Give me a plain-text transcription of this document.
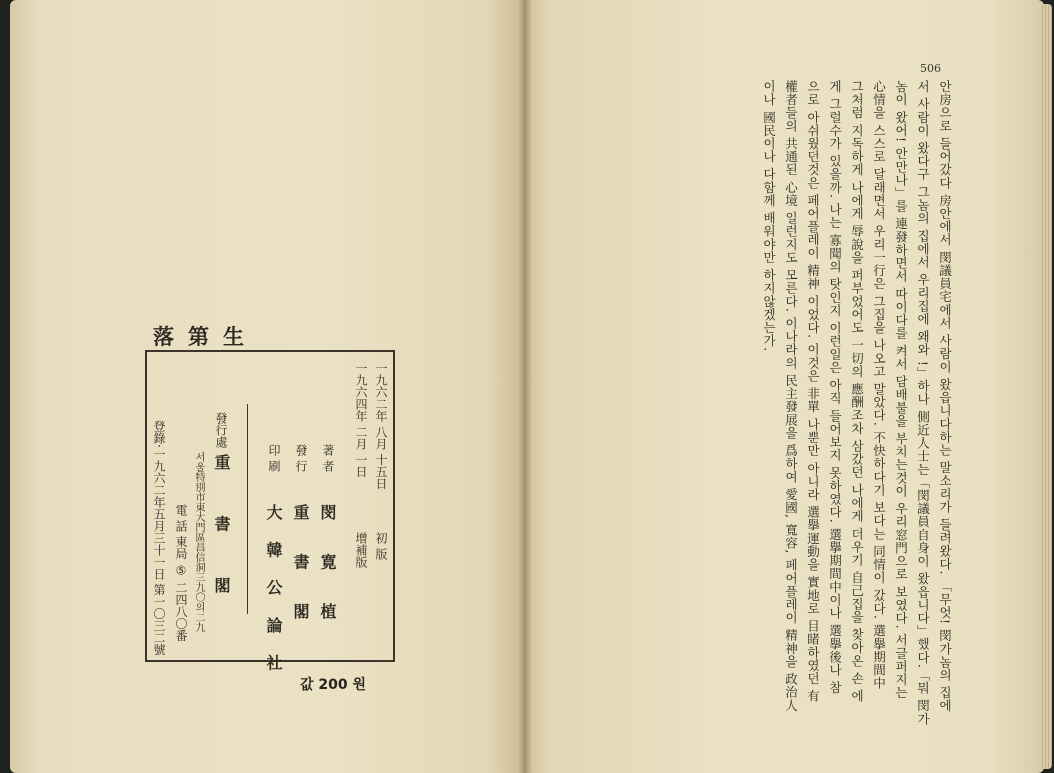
落第生
一九六二年 八月 十五日
初 版
一九六四年 二月 一日
增補版
著 者
閔 寛 植
發 行
重 書 閣
印 刷
大 韓 公 論 社
發行處
重 書 閣
서울特別市東大門區昌信洞三九〇의二九
電 話 東局 ⑤ 二四八〇番
登錄·一九六二年五月三十一日 第一〇三二號

값 200 원

506

안房으로 들어갔다 房안에서 閔議員宅에서 사람이 왔읍니다하는 말소리가 들려왔다. 「무엇! 閔가놈의 집에
서 사람이 왔다구 그놈의 집에서 우리집에 왜와 !」하나 側近人士는「閔議員自身이 왔읍니다」했다.「뭐 閔가
놈이 왔어! 안만나」를 連發하면서 따이다를 켜서 담배불을 부치는것이 우리窓門으로 보였다. 서글퍼지는
心情을 스스로 달래면서 우리一行은 그집을 나오고 말았다. 不快하다기 보다는 同情이 갔다. 選擧期間中
그처럼 지독하게 나에게 辱說을 퍼부었어도 一切의 應酬조차 삼갔던 나에게 더우기 自己집을 찾아온 손 에
게 그럴수가 있을까. 나는 寡聞의 탓인지 이런일은 아직 들어보지 못하였다. 選擧期間中이나 選擧後나 참
으로 아쉬웠던것은 페어플레이 精神 이었다. 이것은 非單 나뿐만 아니라 選擧運動을 實地로 目睹하였던 有
權者들의 共通된 心境 일런지도 모른다. 이나라의 民主發展을 爲하여 愛國, 寬容, 페어플레이 精神을 政治人
이나 國民이나 다함께 배워야만 하지않겠는가.
